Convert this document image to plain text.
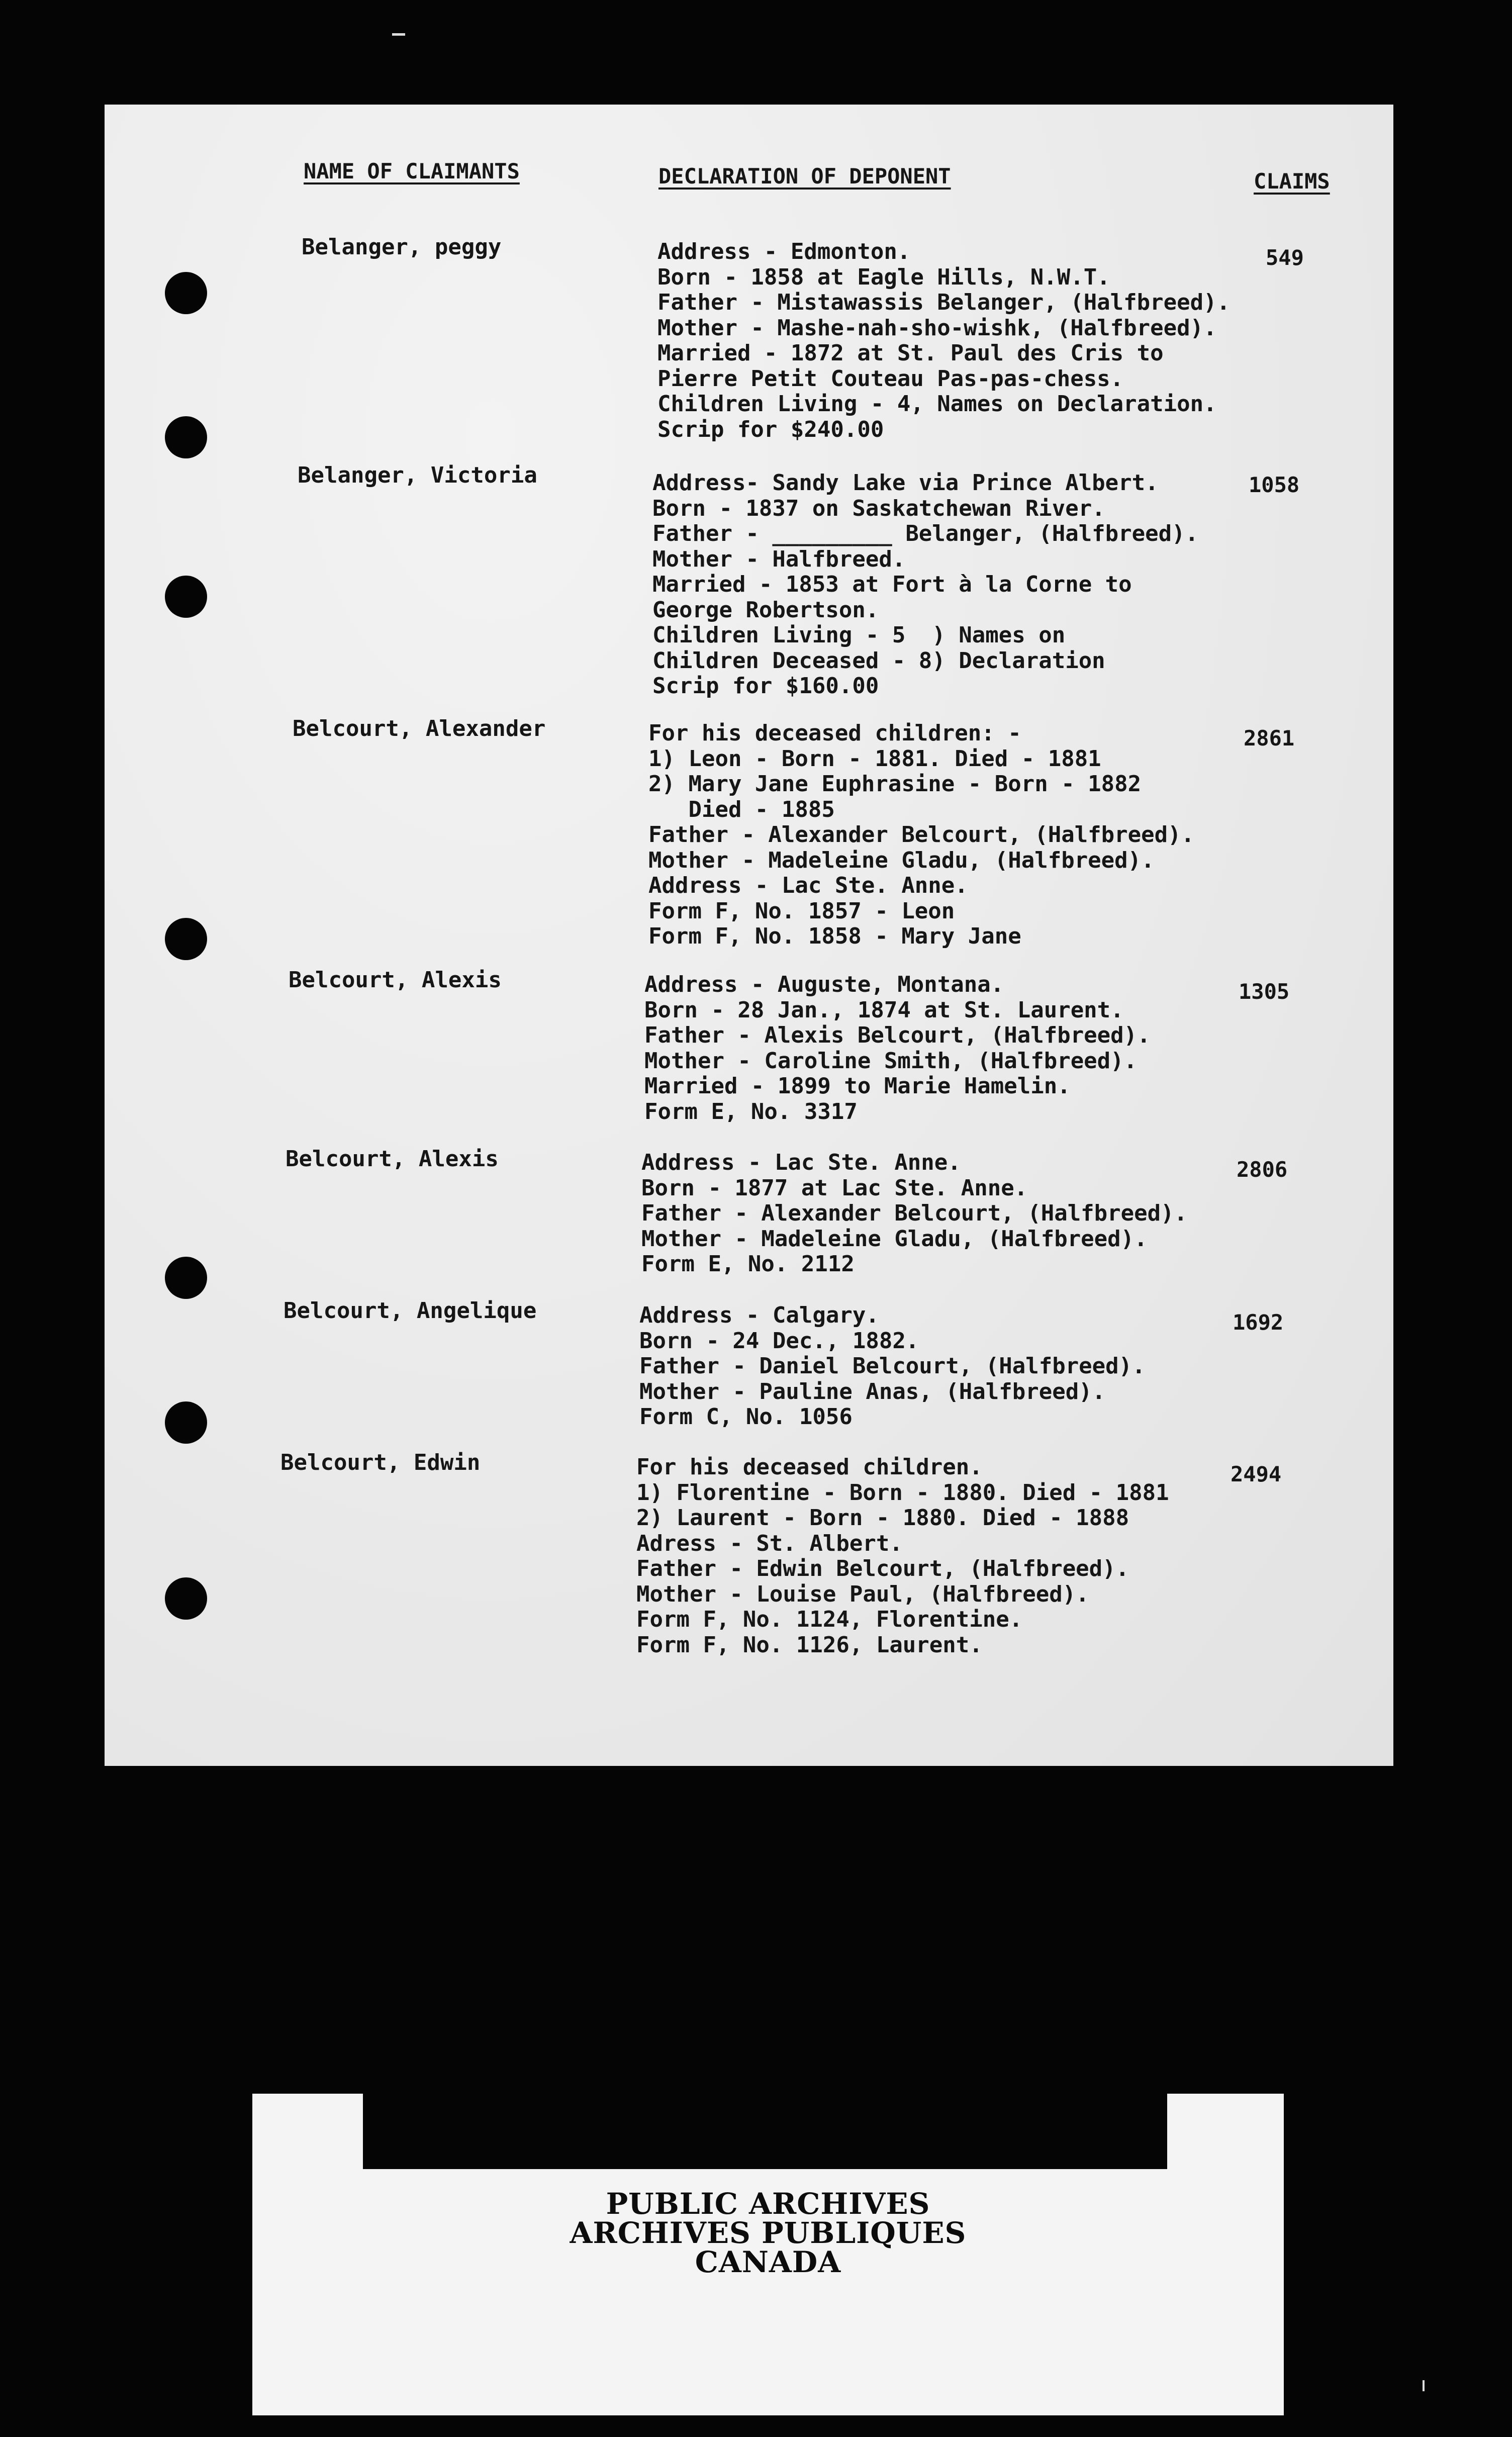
NAME OF CLAIMANTS	DECLARATION OF DEPONENT	CLAIMS
Belanger, peggy	Address - Edmonton.
Born - 1858 at Eagle Hills, N.W.T.
Father - Mistawassis Belanger, (Halfbreed).
Mother - Mashe-nah-sho-wishk, (Halfbreed).
Married - 1872 at St. Paul des Cris to
Pierre Petit Couteau Pas-pas-chess.
Children Living - 4, Names on Declaration.
Scrip for $240.00
549
Belanger, Victoria	Address- Sandy Lake via Prince Albert.
Born - 1837 on Saskatchewan River.
Father - _________ Belanger, (Halfbreed).
Mother - Halfbreed.
Married - 1853 at Fort à la Corne to
George Robertson.
Children Living - 5  ) Names on
Children Deceased - 8) Declaration
Scrip for $160.00
1058
Belcourt, Alexander	For his deceased children: -
1) Leon - Born - 1881. Died - 1881
2) Mary Jane Euphrasine - Born - 1882
Died - 1885
Father - Alexander Belcourt, (Halfbreed).
Mother - Madeleine Gladu, (Halfbreed).
Address - Lac Ste. Anne.
Form F, No. 1857 - Leon
Form F, No. 1858 - Mary Jane
2861
Belcourt, Alexis	Address - Auguste, Montana.
Born - 28 Jan., 1874 at St. Laurent.
Father - Alexis Belcourt, (Halfbreed).
Mother - Caroline Smith, (Halfbreed).
Married - 1899 to Marie Hamelin.
Form E, No. 3317
1305
Belcourt, Alexis	Address - Lac Ste. Anne.
Born - 1877 at Lac Ste. Anne.
Father - Alexander Belcourt, (Halfbreed).
Mother - Madeleine Gladu, (Halfbreed).
Form E, No. 2112
2806
Belcourt, Angelique	Address - Calgary.
Born - 24 Dec., 1882.
Father - Daniel Belcourt, (Halfbreed).
Mother - Pauline Anas, (Halfbreed).
Form C, No. 1056
1692
Belcourt, Edwin	For his deceased children.
1) Florentine - Born - 1880. Died - 1881
2) Laurent - Born - 1880. Died - 1888
Adress - St. Albert.
Father - Edwin Belcourt, (Halfbreed).
Mother - Louise Paul, (Halfbreed).
Form F, No. 1124, Florentine.
Form F, No. 1126, Laurent.
2494
PUBLIC ARCHIVES
ARCHIVES PUBLIQUES
CANADA
